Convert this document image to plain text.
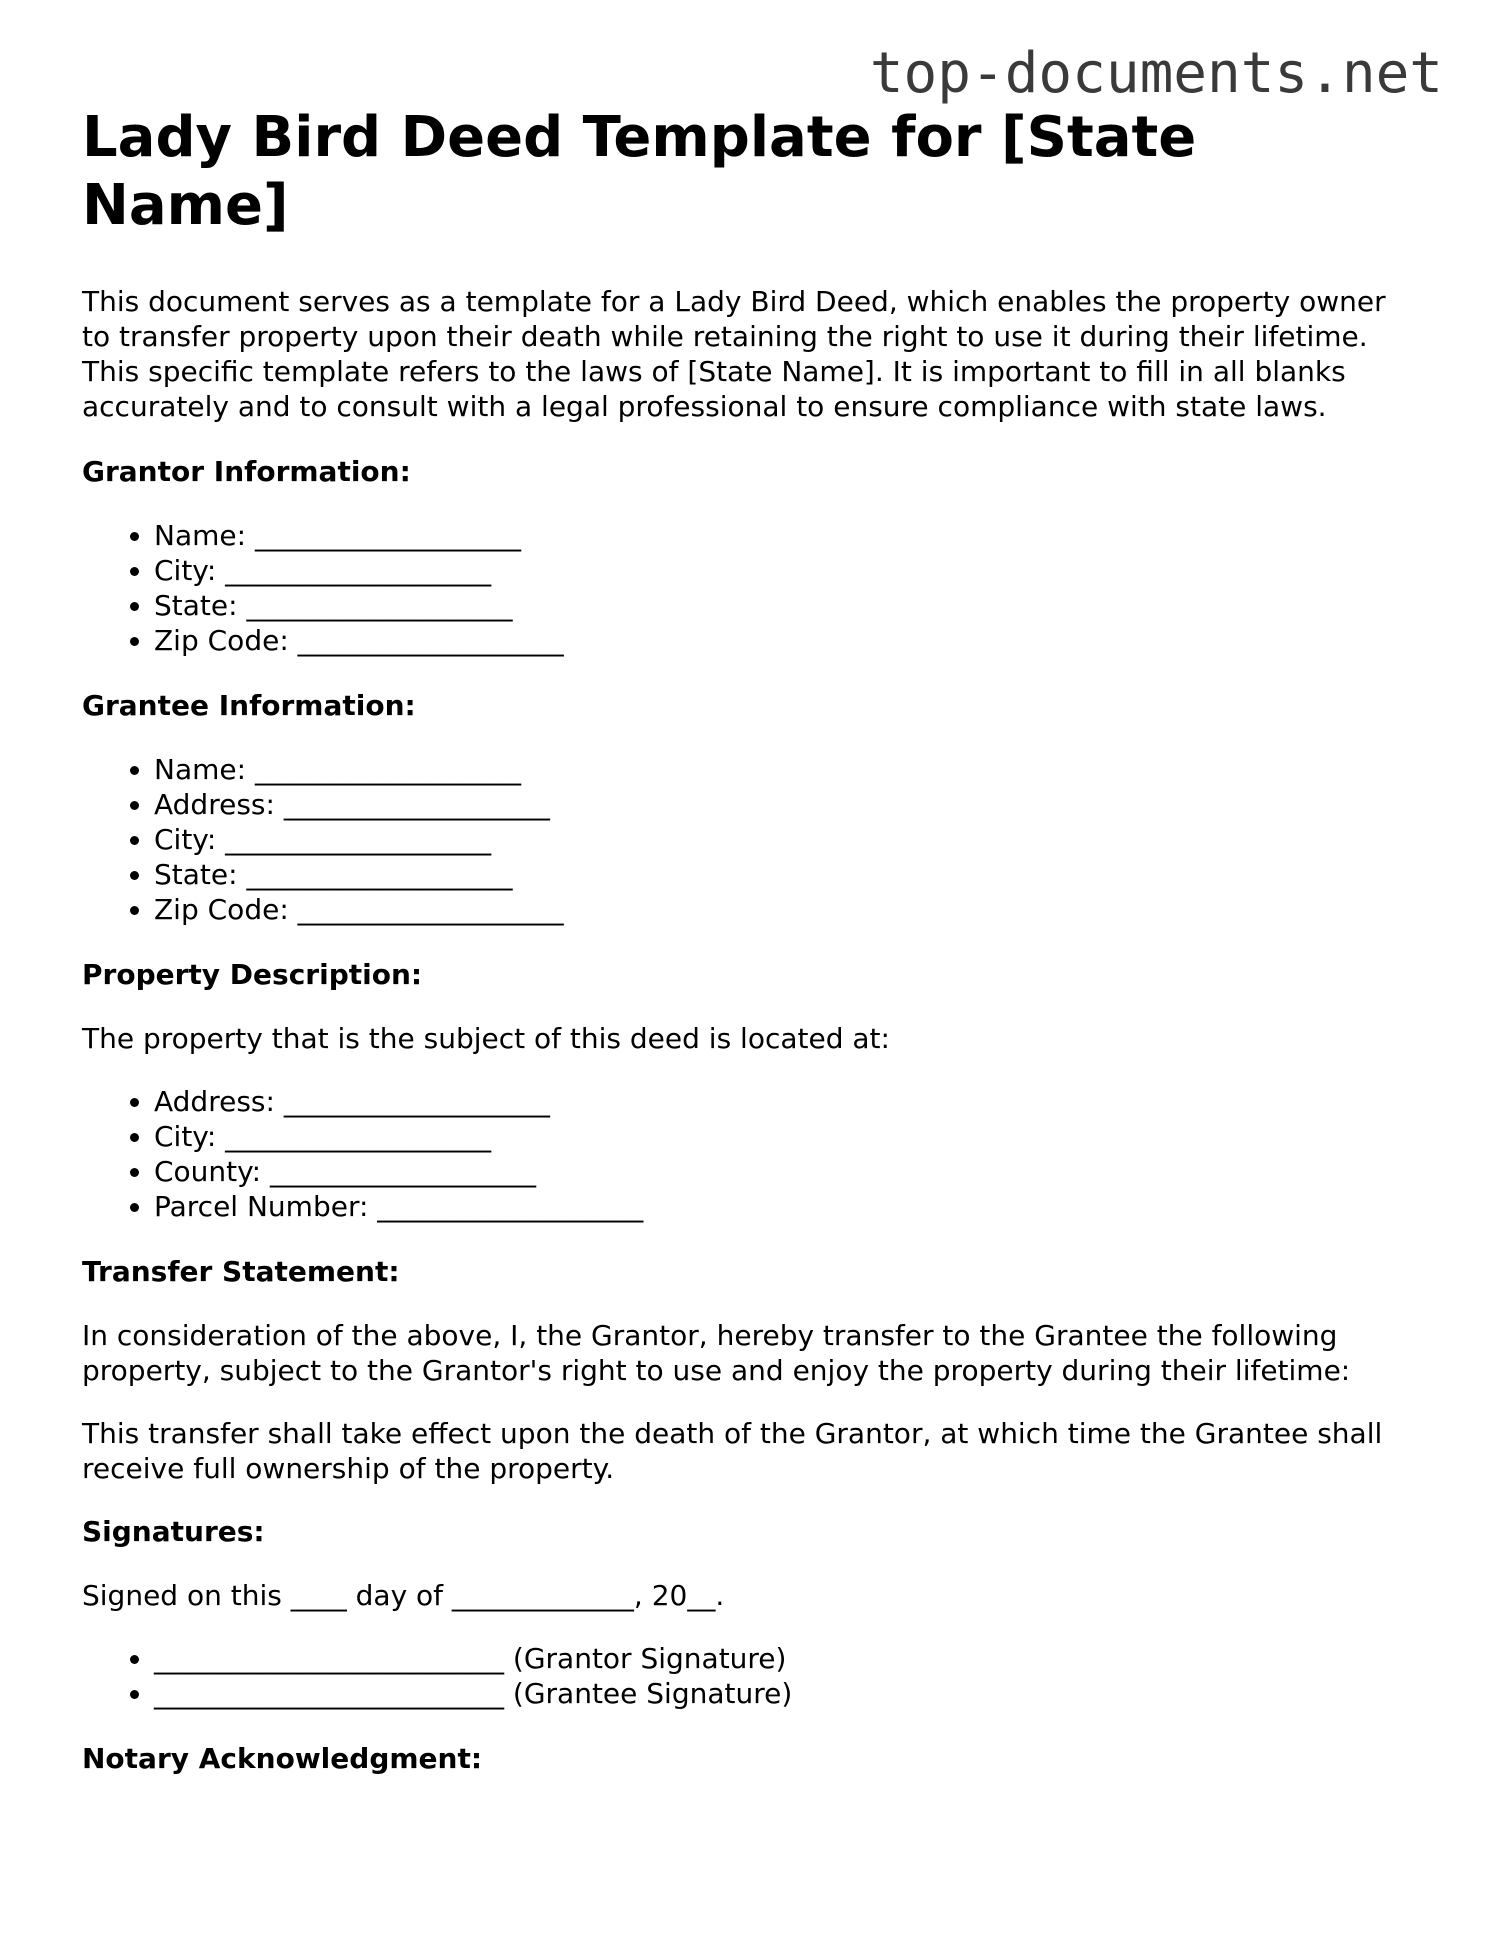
top-documents.net
Lady Bird Deed Template for [State Name]

This document serves as a template for a Lady Bird Deed, which enables the property owner to transfer property upon their death while retaining the right to use it during their lifetime. This specific template refers to the laws of [State Name]. It is important to fill in all blanks accurately and to consult with a legal professional to ensure compliance with state laws.

Grantor Information:
• Name: ___________________
• City: ___________________
• State: ___________________
• Zip Code: ___________________
Grantee Information:
• Name: ___________________
• Address: ___________________
• City: ___________________
• State: ___________________
• Zip Code: ___________________
Property Description:

The property that is the subject of this deed is located at:

• Address: ___________________
• City: ___________________
• County: ___________________
• Parcel Number: ___________________
Transfer Statement:

In consideration of the above, I, the Grantor, hereby transfer to the Grantee the following property, subject to the Grantor's right to use and enjoy the property during their lifetime:

This transfer shall take effect upon the death of the Grantor, at which time the Grantee shall receive full ownership of the property.

Signatures:

Signed on this ____ day of _____________, 20__.

• _________________________ (Grantor Signature)
• _________________________ (Grantee Signature)
Notary Acknowledgment:
